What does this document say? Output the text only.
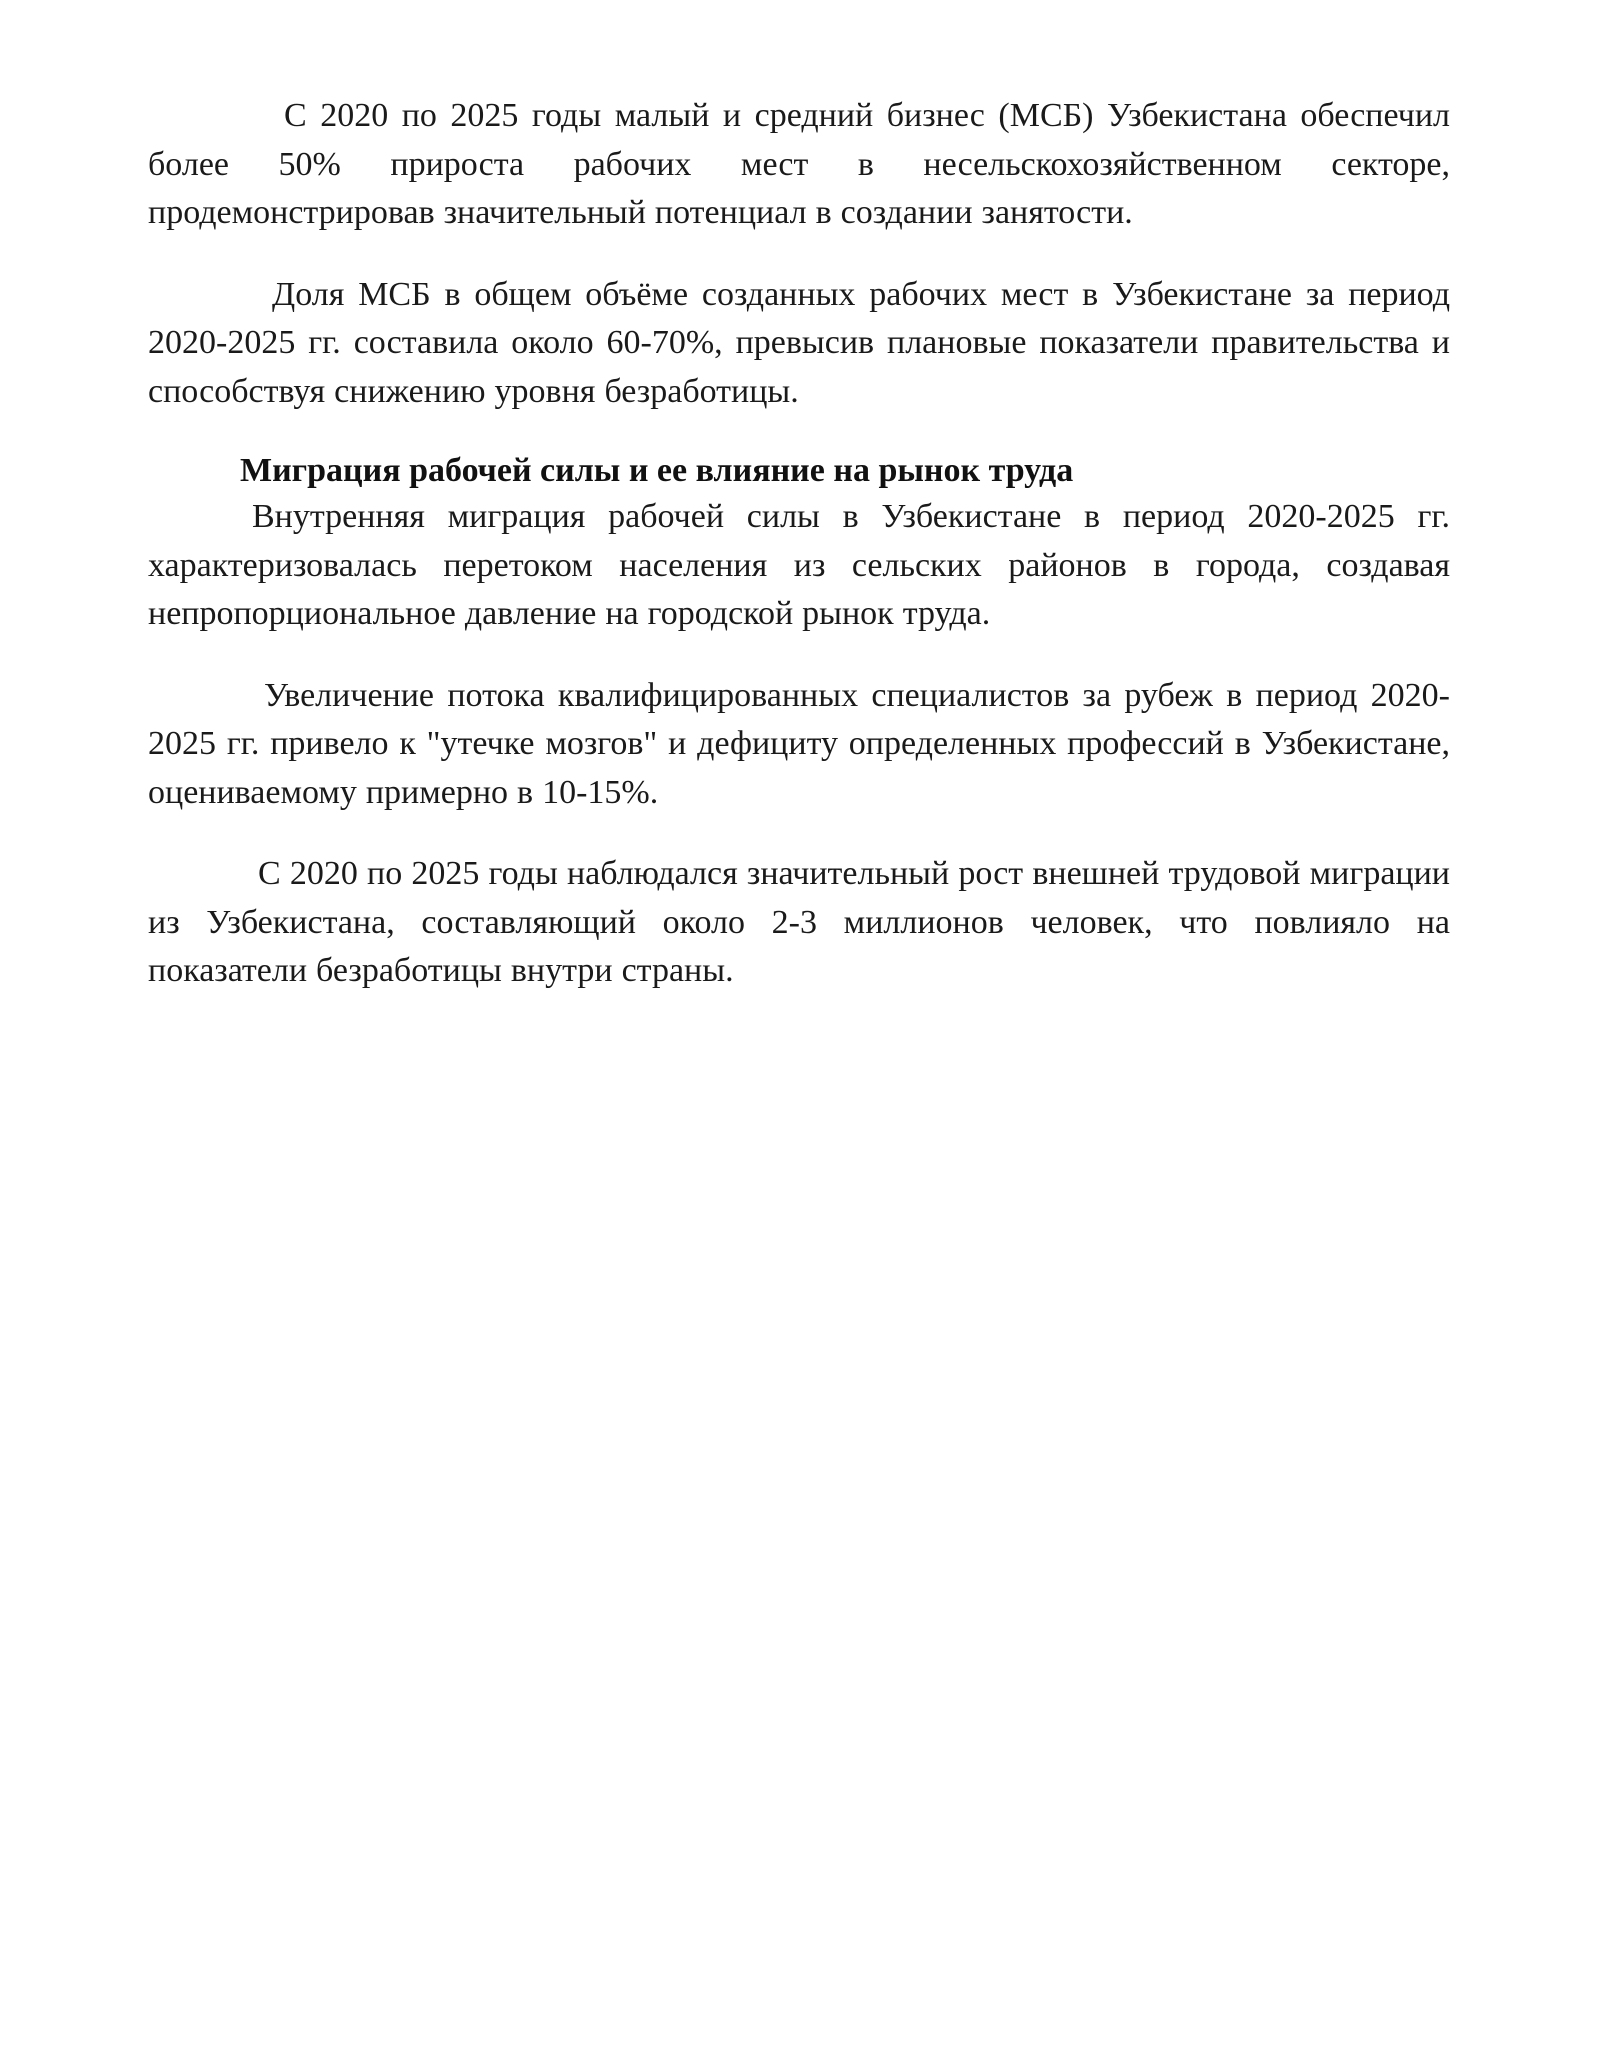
С 2020 по 2025 годы малый и средний бизнес (МСБ) Узбекистана обеспечил более 50% прироста рабочих мест в несельскохозяйственном секторе, продемонстрировав значительный потенциал в создании занятости.

Доля МСБ в общем объёме созданных рабочих мест в Узбекистане за период 2020-2025 гг. составила около 60-70%, превысив плановые показатели правительства и способствуя снижению уровня безработицы.

Миграция рабочей силы и ее влияние на рынок труда

Внутренняя миграция рабочей силы в Узбекистане в период 2020-2025 гг. характеризовалась перетоком населения из сельских районов в города, создавая непропорциональное давление на городской рынок труда.

Увеличение потока квалифицированных специалистов за рубеж в период 2020-2025 гг. привело к "утечке мозгов" и дефициту определенных профессий в Узбекистане, оцениваемому примерно в 10-15%.

С 2020 по 2025 годы наблюдался значительный рост внешней трудовой миграции из Узбекистана, составляющий около 2-3 миллионов человек, что повлияло на показатели безработицы внутри страны.
